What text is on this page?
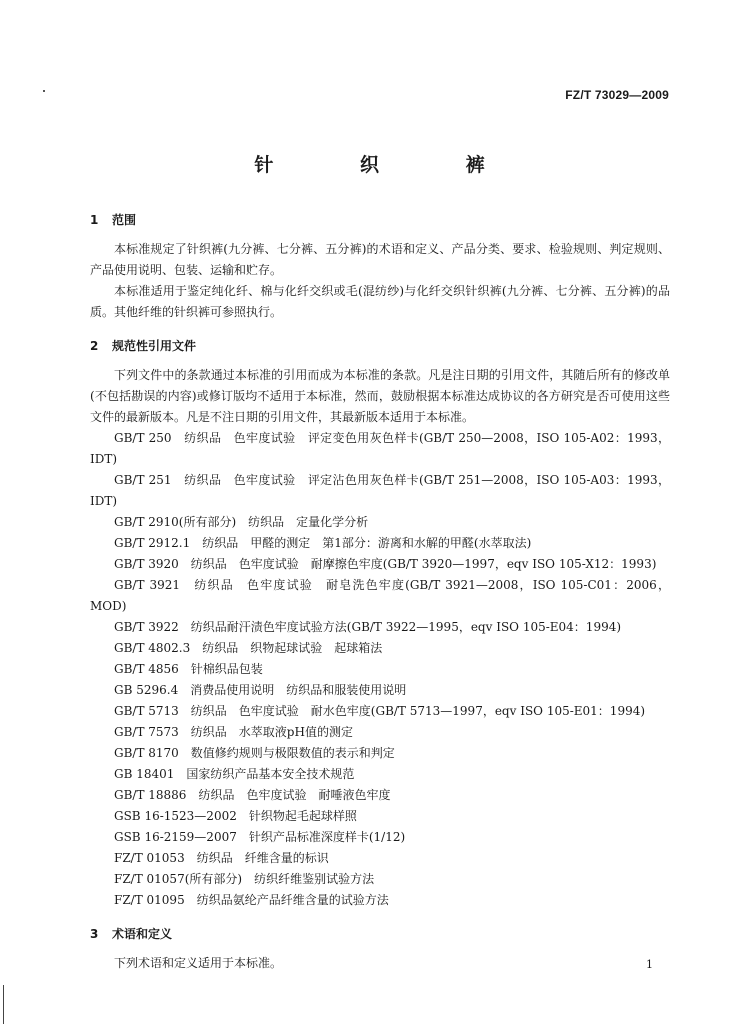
FZ/T 73029—2009
针 织 裤
1 范围
本标准规定了针织裤(九分裤、七分裤、五分裤)的术语和定义、产品分类、要求、检验规则、判定规则、产品使用说明、包装、运输和贮存。
本标准适用于鉴定纯化纤、棉与化纤交织或毛(混纺纱)与化纤交织针织裤(九分裤、七分裤、五分裤)的品质。其他纤维的针织裤可参照执行。
2 规范性引用文件
下列文件中的条款通过本标准的引用而成为本标准的条款。凡是注日期的引用文件，其随后所有的修改单(不包括勘误的内容)或修订版均不适用于本标准，然而，鼓励根据本标准达成协议的各方研究是否可使用这些文件的最新版本。凡是不注日期的引用文件，其最新版本适用于本标准。
GB/T 250　纺织品　色牢度试验　评定变色用灰色样卡(GB/T 250—2008，ISO 105-A02：1993，IDT)
GB/T 251　纺织品　色牢度试验　评定沾色用灰色样卡(GB/T 251—2008，ISO 105-A03：1993，IDT)
GB/T 2910(所有部分)　纺织品　定量化学分析
GB/T 2912.1　纺织品　甲醛的测定　第1部分：游离和水解的甲醛(水萃取法)
GB/T 3920　纺织品　色牢度试验　耐摩擦色牢度(GB/T 3920—1997，eqv ISO 105-X12：1993)
GB/T 3921　纺织品　色牢度试验　耐皂洗色牢度(GB/T 3921—2008，ISO 105-C01：2006，MOD)
GB/T 3922　纺织品耐汗渍色牢度试验方法(GB/T 3922—1995，eqv ISO 105-E04：1994)
GB/T 4802.3　纺织品　织物起球试验　起球箱法
GB/T 4856　针棉织品包装
GB 5296.4　消费品使用说明　纺织品和服装使用说明
GB/T 5713　纺织品　色牢度试验　耐水色牢度(GB/T 5713—1997，eqv ISO 105-E01：1994)
GB/T 7573　纺织品　水萃取液pH值的测定
GB/T 8170　数值修约规则与极限数值的表示和判定
GB 18401　国家纺织产品基本安全技术规范
GB/T 18886　纺织品　色牢度试验　耐唾液色牢度
GSB 16-1523—2002　针织物起毛起球样照
GSB 16-2159—2007　针织产品标准深度样卡(1/12)
FZ/T 01053　纺织品　纤维含量的标识
FZ/T 01057(所有部分)　纺织纤维鉴别试验方法
FZ/T 01095　纺织品氨纶产品纤维含量的试验方法
3 术语和定义
下列术语和定义适用于本标准。	1
